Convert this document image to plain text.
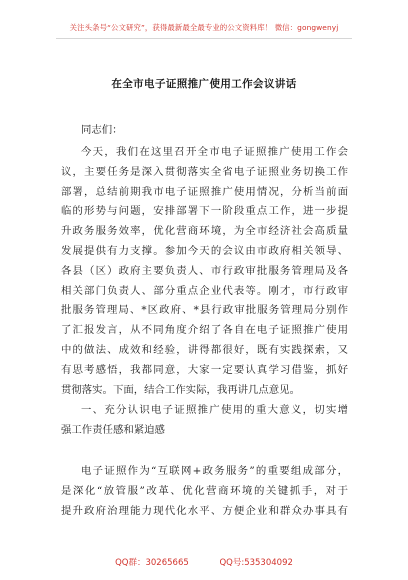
关注头条号“公文研究”，获得最新最全最专业的公文资料库！ 微信：gongwenyj
在全市电子证照推广使用工作会议讲话
同志们：
今天，我们在这里召开全市电子证照推广使用工作会
议，主要任务是深入贯彻落实全省电子证照业务切换工作
部署，总结前期我市电子证照推广使用情况，分析当前面
临的形势与问题，安排部署下一阶段重点工作，进一步提
升政务服务效率，优化营商环境，为全市经济社会高质量
发展提供有力支撑。参加今天的会议由市政府相关领导、
各县（区）政府主要负责人、市行政审批服务管理局及各
相关部门负责人、部分重点企业代表等。刚才，市行政审
批服务管理局、*区政府、*县行政审批服务管理局分别作
了汇报发言，从不同角度介绍了各自在电子证照推广使用
中的做法、成效和经验，讲得都很好，既有实践探索，又
有思考感悟，我都同意，大家一定要认真学习借鉴，抓好
贯彻落实。下面，结合工作实际，我再讲几点意见。
一、充分认识电子证照推广使用的重大意义，切实增
强工作责任感和紧迫感
电子证照作为“互联网+政务服务”的重要组成部分，
是深化“放管服”改革、优化营商环境的关键抓手，对于
提升政府治理能力现代化水平、方便企业和群众办事具有
QQ群：30265665	QQ号:535304092
